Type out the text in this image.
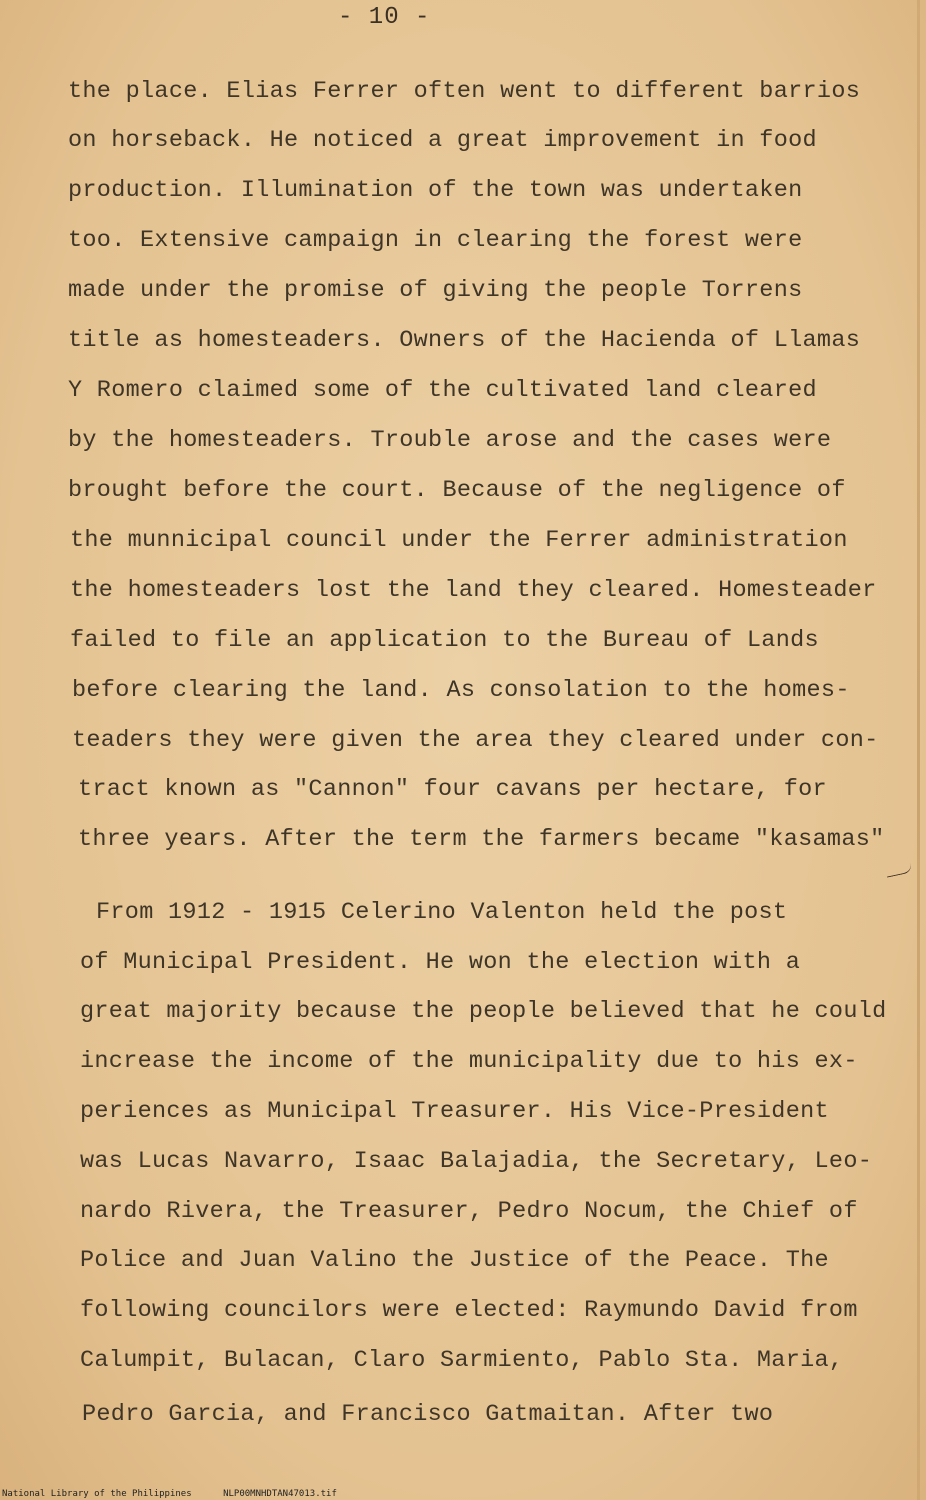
- 10 -
the place. Elias Ferrer often went to different barrios
on horseback. He noticed a great improvement in food
production. Illumination of the town was undertaken
too. Extensive campaign in clearing the forest were
made under the promise of giving the people Torrens
title as homesteaders. Owners of the Hacienda of Llamas
Y Romero claimed some of the cultivated land cleared
by the homesteaders. Trouble arose and the cases were
brought before the court. Because of the negligence of
the munnicipal council under the Ferrer administration
the homesteaders lost the land they cleared. Homesteader
failed to file an application to the Bureau of Lands
before clearing the land. As consolation to the homes-
teaders they were given the area they cleared under con-
tract known as "Cannon" four cavans per hectare, for
three years. After the term the farmers became "kasamas"
From 1912 - 1915 Celerino Valenton held the post
of Municipal President. He won the election with a
great majority because the people believed that he could
increase the income of the municipality due to his ex-
periences as Municipal Treasurer. His Vice-President
was Lucas Navarro, Isaac Balajadia, the Secretary, Leo-
nardo Rivera, the Treasurer, Pedro Nocum, the Chief of
Police and Juan Valino the Justice of the Peace. The
following councilors were elected: Raymundo David from
Calumpit, Bulacan, Claro Sarmiento, Pablo Sta. Maria,
Pedro Garcia, and Francisco Gatmaitan. After two
National Library of the Philippines	NLP00MNHDTAN47013.tif
